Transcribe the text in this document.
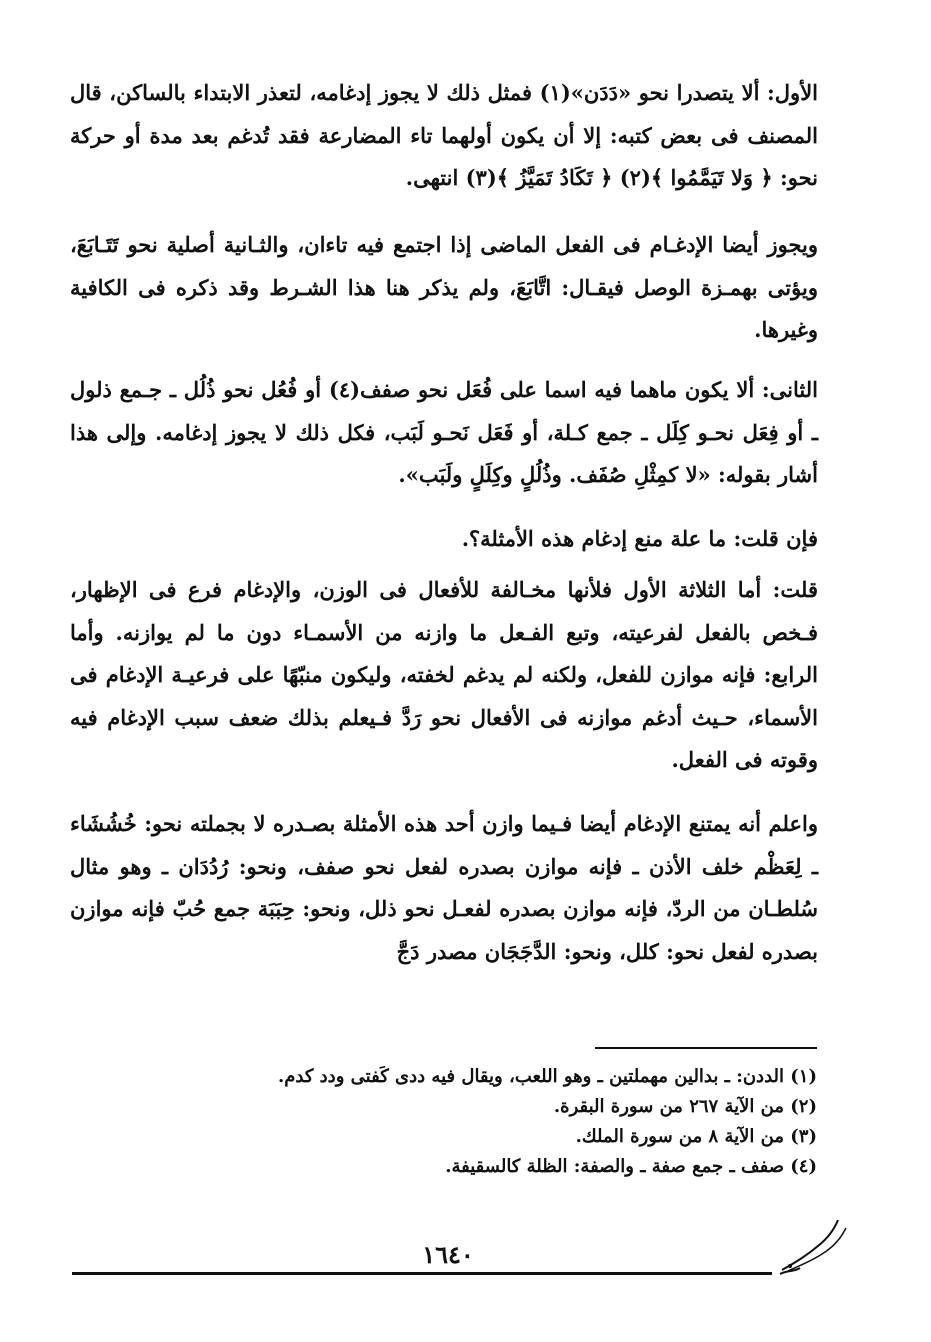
الأول: ألا يتصدرا نحو «دَدَن»(١) فمثل ذلك لا يجوز إدغامه، لتعذر الابتداء بالساكن، قال المصنف فى بعض كتبه: إلا أن يكون أولهما تاء المضارعة فقد تُدغم بعد مدة أو حركة نحو: ﴿ وَلا تَيَمَّمُوا ﴾(٢) ﴿ تَكَادُ تَمَيَّزُ ﴾(٣) انتهى.

ويجوز أيضا الإدغـام فى الفعل الماضى إذا اجتمع فيه تاءان، والثـانية أصلية نحو تَتَـابَعَ، ويؤتى بهمـزة الوصل فيقـال: اتَّابَعَ، ولم يذكر هنا هذا الشـرط وقد ذكره فى الكافية وغيرها.

الثانى: ألا يكون ماهما فيه اسما على فُعَل نحو صفف(٤) أو فُعُل نحو ذُلُل ـ جـمع ذلول ـ أو فِعَل نحـو كِلَل ـ جمع كـلة، أو فَعَل نَحـو لَبَب، فكل ذلك لا يجوز إدغامه. وإلى هذا أشار بقوله: «لا كمِثْلِ صُفَف. وذُلُلٍ وكِلَلٍ ولَبَب».

فإن قلت: ما علة منع إدغام هذه الأمثلة؟.

قلت: أما الثلاثة الأول فلأنها مخـالفة للأفعال فى الوزن، والإدغام فرع فى الإظهار، فـخص بالفعل لفرعيته، وتبع الفـعل ما وازنه من الأسمـاء دون ما لم يوازنه. وأما الرابع: فإنه موازن للفعل، ولكنه لم يدغم لخفته، وليكون منبّهًا على فرعيـة الإدغام فى الأسماء، حـيث أدغم موازنه فى الأفعال نحو رَدَّ فـيعلم بذلك ضعف سبب الإدغام فيه وقوته فى الفعل.

واعلم أنه يمتنع الإدغام أيضا فـيما وازن أحد هذه الأمثلة بصـدره لا بجملته نحو: خُشُشَاء ـ لِعَظْم خلف الأذن ـ فإنه موازن بصدره لفعل نحو صفف، ونحو: رُدُدَان ـ وهو مثال سُلطـان من الردّ، فإنه موازن بصدره لفعـل نحو ذلل، ونحو: حِبَبَة جمع حُبّ فإنه موازن بصدره لفعل نحو: كلل، ونحو: الدَّجَجَان مصدر دَجَّ

(١) الددن: ـ بدالين مهملتين ـ وهو اللعب، ويقال فيه ددى كَفتى ودد كدم.
(٢) من الآية ٢٦٧ من سورة البقرة.
(٣) من الآية ٨ من سورة الملك.
(٤) صفف ـ جمع صفة ـ والصفة: الظلة كالسقيفة.
١٦٤٠
